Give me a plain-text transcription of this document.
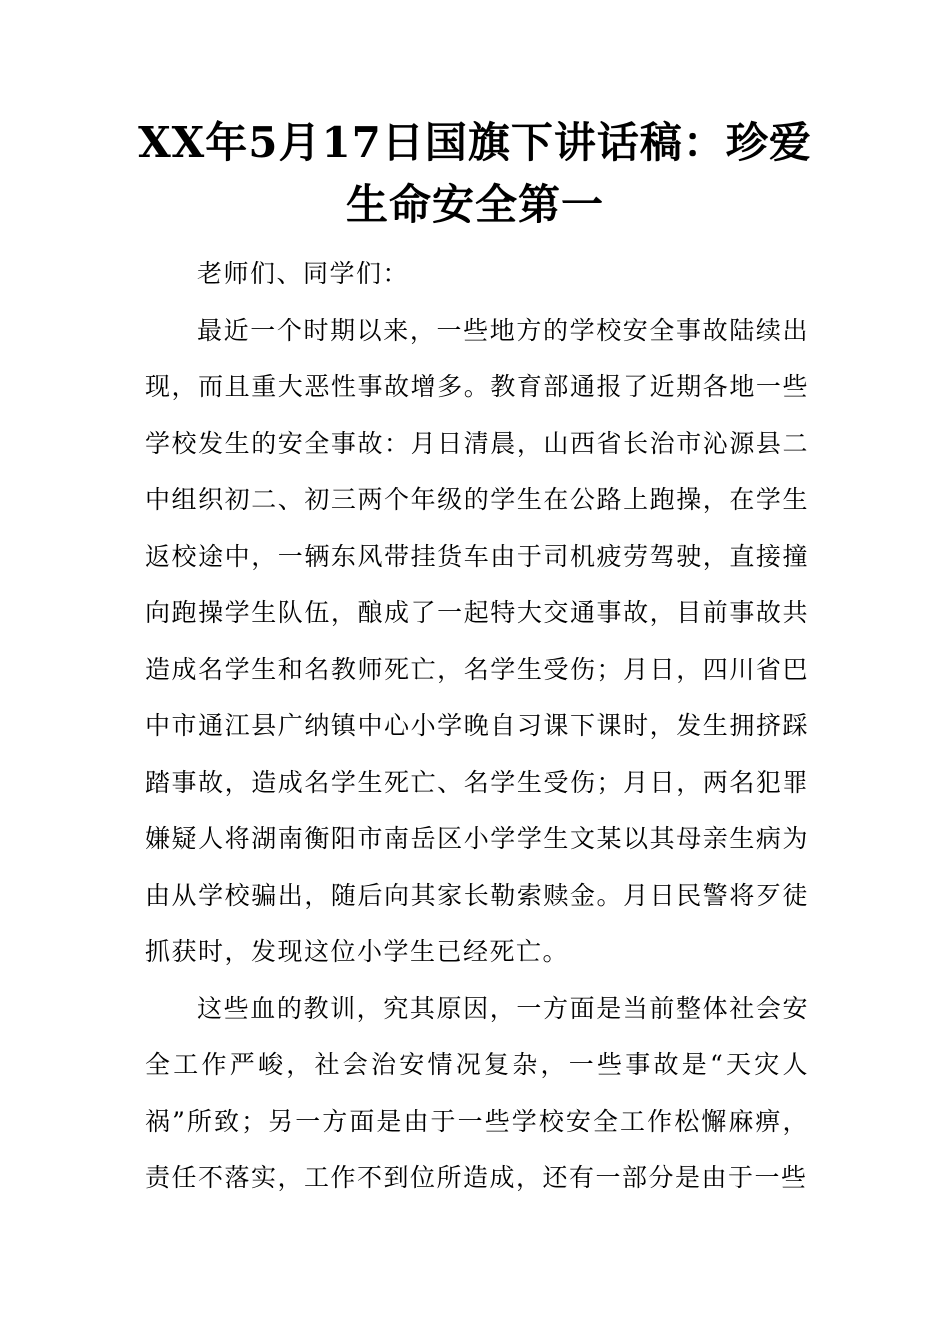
XX年5月17日国旗下讲话稿：珍爱生命安全第一

老师们、同学们：

最近一个时期以来，一些地方的学校安全事故陆续出现，而且重大恶性事故增多。教育部通报了近期各地一些学校发生的安全事故：月日清晨，山西省长治市沁源县二中组织初二、初三两个年级的学生在公路上跑操，在学生返校途中，一辆东风带挂货车由于司机疲劳驾驶，直接撞向跑操学生队伍，酿成了一起特大交通事故，目前事故共造成名学生和名教师死亡，名学生受伤；月日，四川省巴中市通江县广纳镇中心小学晚自习课下课时，发生拥挤踩踏事故，造成名学生死亡、名学生受伤；月日，两名犯罪嫌疑人将湖南衡阳市南岳区小学学生文某以其母亲生病为由从学校骗出，随后向其家长勒索赎金。月日民警将歹徒抓获时，发现这位小学生已经死亡。

这些血的教训，究其原因，一方面是当前整体社会安全工作严峻，社会治安情况复杂，一些事故是“天灾人祸”所致；另一方面是由于一些学校安全工作松懈麻痹，责任不落实，工作不到位所造成，还有一部分是由于一些
